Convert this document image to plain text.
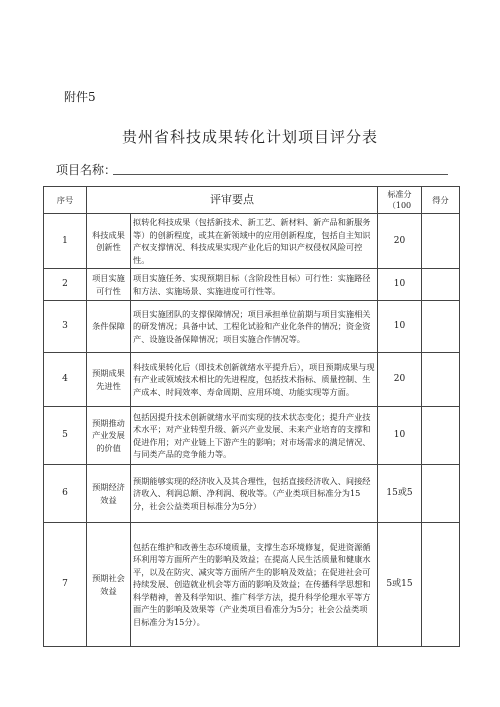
附件5
贵州省科技成果转化计划项目评分表
项目名称：
序号	评审要点		标准分（100	得分
1	科技成果创新性	拟转化科技成果（包括新技术、新工艺、新材料、新产品和新服务等）的创新程度，或其在新领域中的应用创新程度，包括自主知识产权支撑情况、科技成果实现产业化后的知识产权侵权风险可控性。	20	
2	项目实施可行性	项目实施任务、实现预期目标（含阶段性目标）可行性：实施路径和方法、实施场景、实施进度可行性等。	10	
3	条件保障	项目实施团队的支撑保障情况；项目承担单位前期与项目实施相关的研发情况；具备中试、工程化试验和产业化条件的情况；资金资产、设施设备保障情况；项目实施合作情况等。	10	
4	预期成果先进性	科技成果转化后（即技术创新就绪水平提升后），项目预期成果与现有产业或领域技术相比的先进程度，包括技术指标、质量控制、生产成本、时间效率、寿命周期、应用环境、功能实现等方面。	20	
5	预期推动产业发展的价值	包括因提升技术创新就绪水平而实现的技术状态变化；提升产业技术水平；对产业转型升级、新兴产业发展、未来产业培育的支撑和促进作用；对产业链上下游产生的影响；对市场需求的满足情况、与同类产品的竞争能力等。	10	
6	预期经济效益	预期能够实现的经济收入及其合理性，包括直接经济收入、间接经济收入、利润总额、净利润、税收等。（产业类项目标准分为15分，社会公益类项目标准分为5分）	15或5	
7	预期社会效益	包括在维护和改善生态环境质量，支撑生态环境修复，促进资源循环利用等方面所产生的影响及效益；在提高人民生活质量和健康水平，以及在防灾、减灾等方面所产生的影响及效益；在促进社会可持续发展、创造就业机会等方面的影响及效益；在传播科学思想和科学精神，普及科学知识、推广科学方法，提升科学伦理水平等方面产生的影响及效果等（产业类项目看准分为5分；社会公益类项目标准分为15分）。	5或15	
